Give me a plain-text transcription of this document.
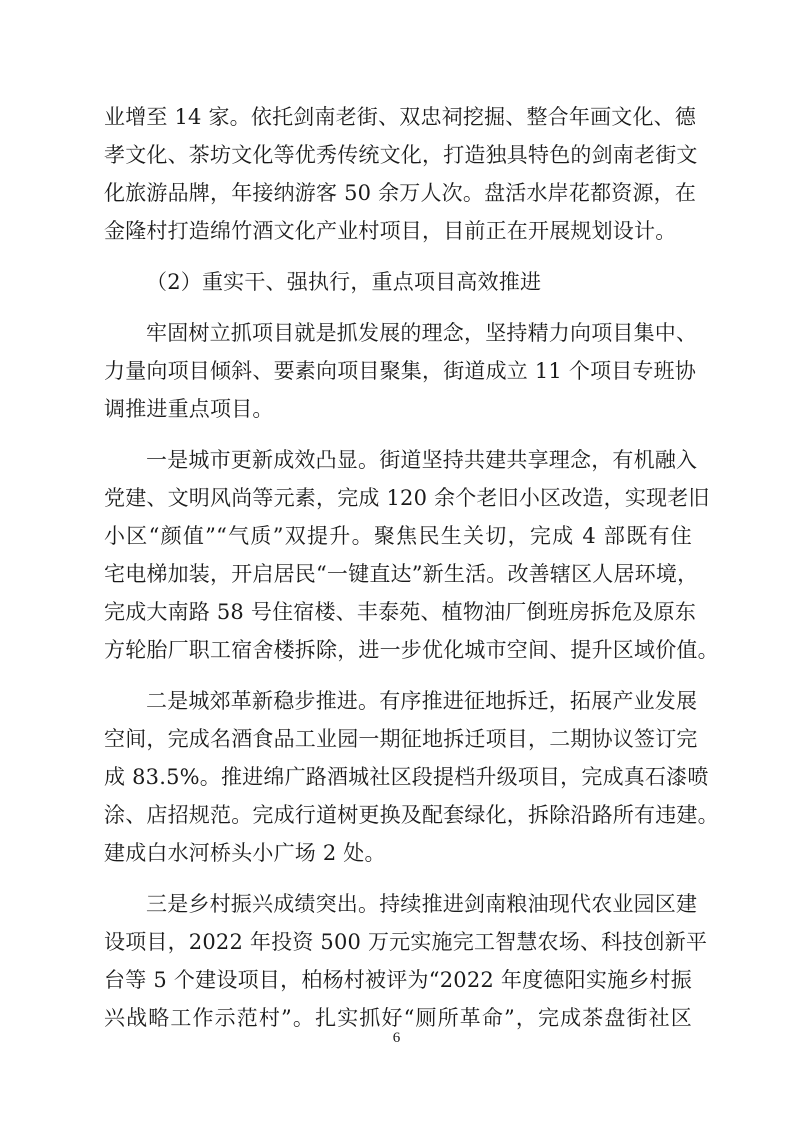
业增至 14 家。依托剑南老街、双忠祠挖掘、整合年画文化、德
孝文化、茶坊文化等优秀传统文化，打造独具特色的剑南老街文
化旅游品牌，年接纳游客 50 余万人次。盘活水岸花都资源，在
金隆村打造绵竹酒文化产业村项目，目前正在开展规划设计。
（2）重实干、强执行，重点项目高效推进
牢固树立抓项目就是抓发展的理念，坚持精力向项目集中、
力量向项目倾斜、要素向项目聚集，街道成立 11 个项目专班协
调推进重点项目。
一是城市更新成效凸显。街道坚持共建共享理念，有机融入
党建、文明风尚等元素，完成 120 余个老旧小区改造，实现老旧
小区“颜值”“气质”双提升。聚焦民生关切，完成 4 部既有住
宅电梯加装，开启居民“一键直达”新生活。改善辖区人居环境，
完成大南路 58 号住宿楼、丰泰苑、植物油厂倒班房拆危及原东
方轮胎厂职工宿舍楼拆除，进一步优化城市空间、提升区域价值。
二是城郊革新稳步推进。有序推进征地拆迁，拓展产业发展
空间，完成名酒食品工业园一期征地拆迁项目，二期协议签订完
成 83.5%。推进绵广路酒城社区段提档升级项目，完成真石漆喷
涂、店招规范。完成行道树更换及配套绿化，拆除沿路所有违建。
建成白水河桥头小广场 2 处。
三是乡村振兴成绩突出。持续推进剑南粮油现代农业园区建
设项目，2022 年投资 500 万元实施完工智慧农场、科技创新平
台等 5 个建设项目，柏杨村被评为“2022 年度德阳实施乡村振
兴战略工作示范村”。扎实抓好“厕所革命”，完成茶盘街社区
6
